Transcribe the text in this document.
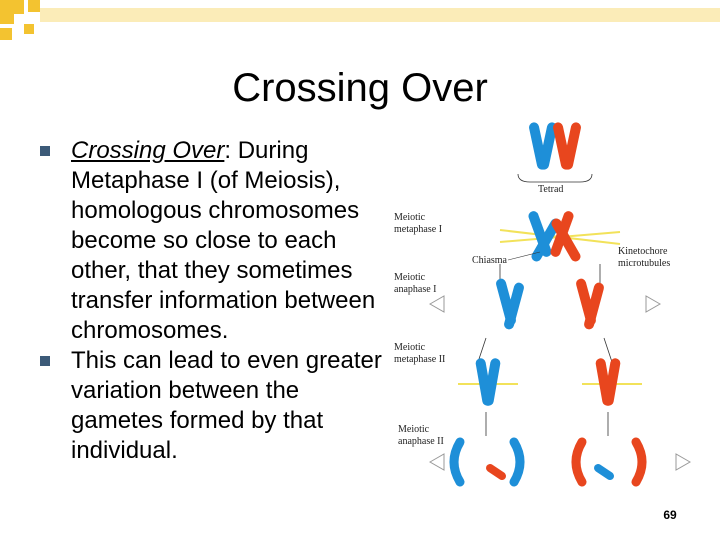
Crossing Over
Crossing Over: During Metaphase I (of Meiosis), homologous chromosomes become so close to each other, that they sometimes transfer information between chromosomes.
This can lead to even greater variation between the gametes formed by that individual.
Tetrad
Meiotic
metaphase I
Chiasma
Kinetochore
microtubules
Meiotic
anaphase I
Meiotic
metaphase II
Meiotic
anaphase II
69
